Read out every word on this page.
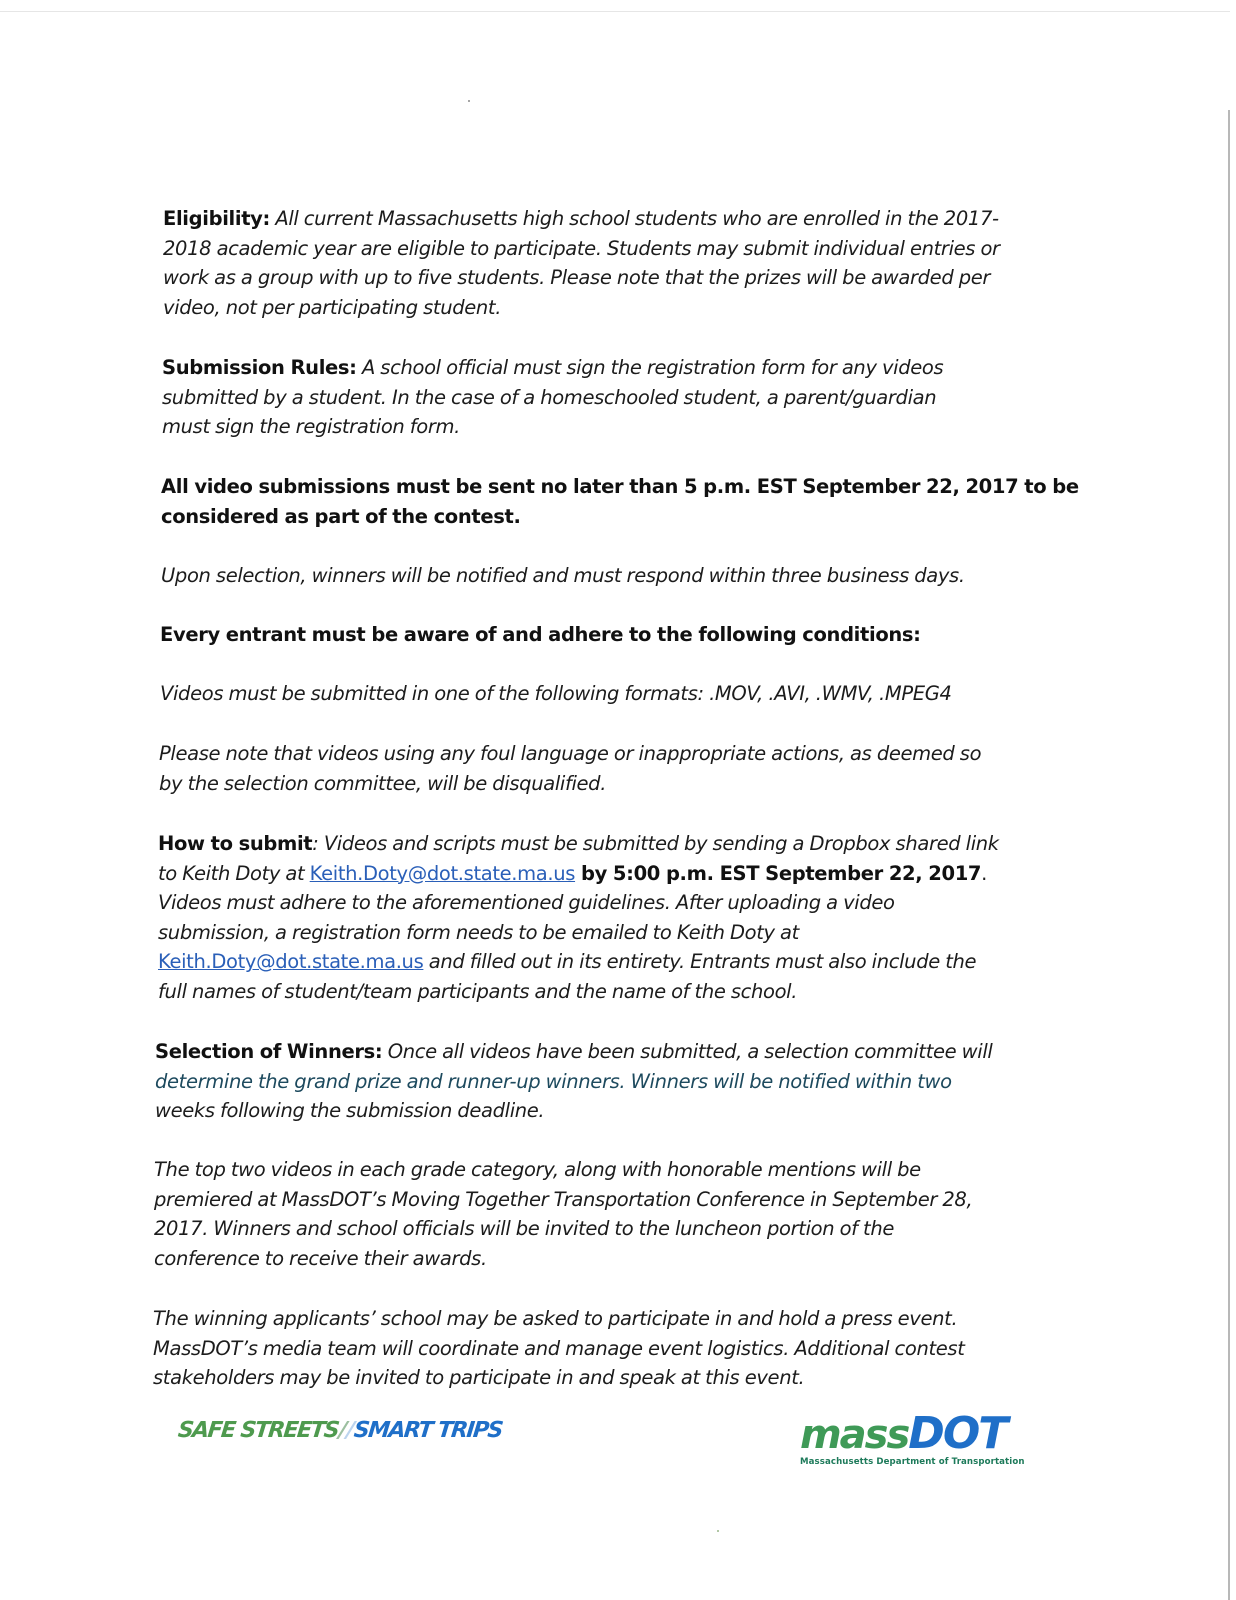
Eligibility: All current Massachusetts high school students who are enrolled in the 2017-
2018 academic year are eligible to participate. Students may submit individual entries or
work as a group with up to five students. Please note that the prizes will be awarded per
video, not per participating student.
Submission Rules: A school official must sign the registration form for any videos
submitted by a student. In the case of a homeschooled student, a parent/guardian
must sign the registration form.
All video submissions must be sent no later than 5 p.m. EST September 22, 2017 to be
considered as part of the contest.
Upon selection, winners will be notified and must respond within three business days.
Every entrant must be aware of and adhere to the following conditions:
Videos must be submitted in one of the following formats: .MOV, .AVI, .WMV, .MPEG4
Please note that videos using any foul language or inappropriate actions, as deemed so
by the selection committee, will be disqualified.
How to submit: Videos and scripts must be submitted by sending a Dropbox shared link
to Keith Doty at Keith.Doty@dot.state.ma.us by 5:00 p.m. EST September 22, 2017.
Videos must adhere to the aforementioned guidelines. After uploading a video
submission, a registration form needs to be emailed to Keith Doty at
Keith.Doty@dot.state.ma.us and filled out in its entirety. Entrants must also include the
full names of student/team participants and the name of the school.
Selection of Winners: Once all videos have been submitted, a selection committee will
determine the grand prize and runner-up winners. Winners will be notified within two
weeks following the submission deadline.
The top two videos in each grade category, along with honorable mentions will be
premiered at MassDOT’s Moving Together Transportation Conference in September 28,
2017. Winners and school officials will be invited to the luncheon portion of the
conference to receive their awards.
The winning applicants’ school may be asked to participate in and hold a press event.
MassDOT’s media team will coordinate and manage event logistics. Additional contest
stakeholders may be invited to participate in and speak at this event.
SAFE STREETS//SMART TRIPS	massDOT
Massachusetts Department of Transportation
